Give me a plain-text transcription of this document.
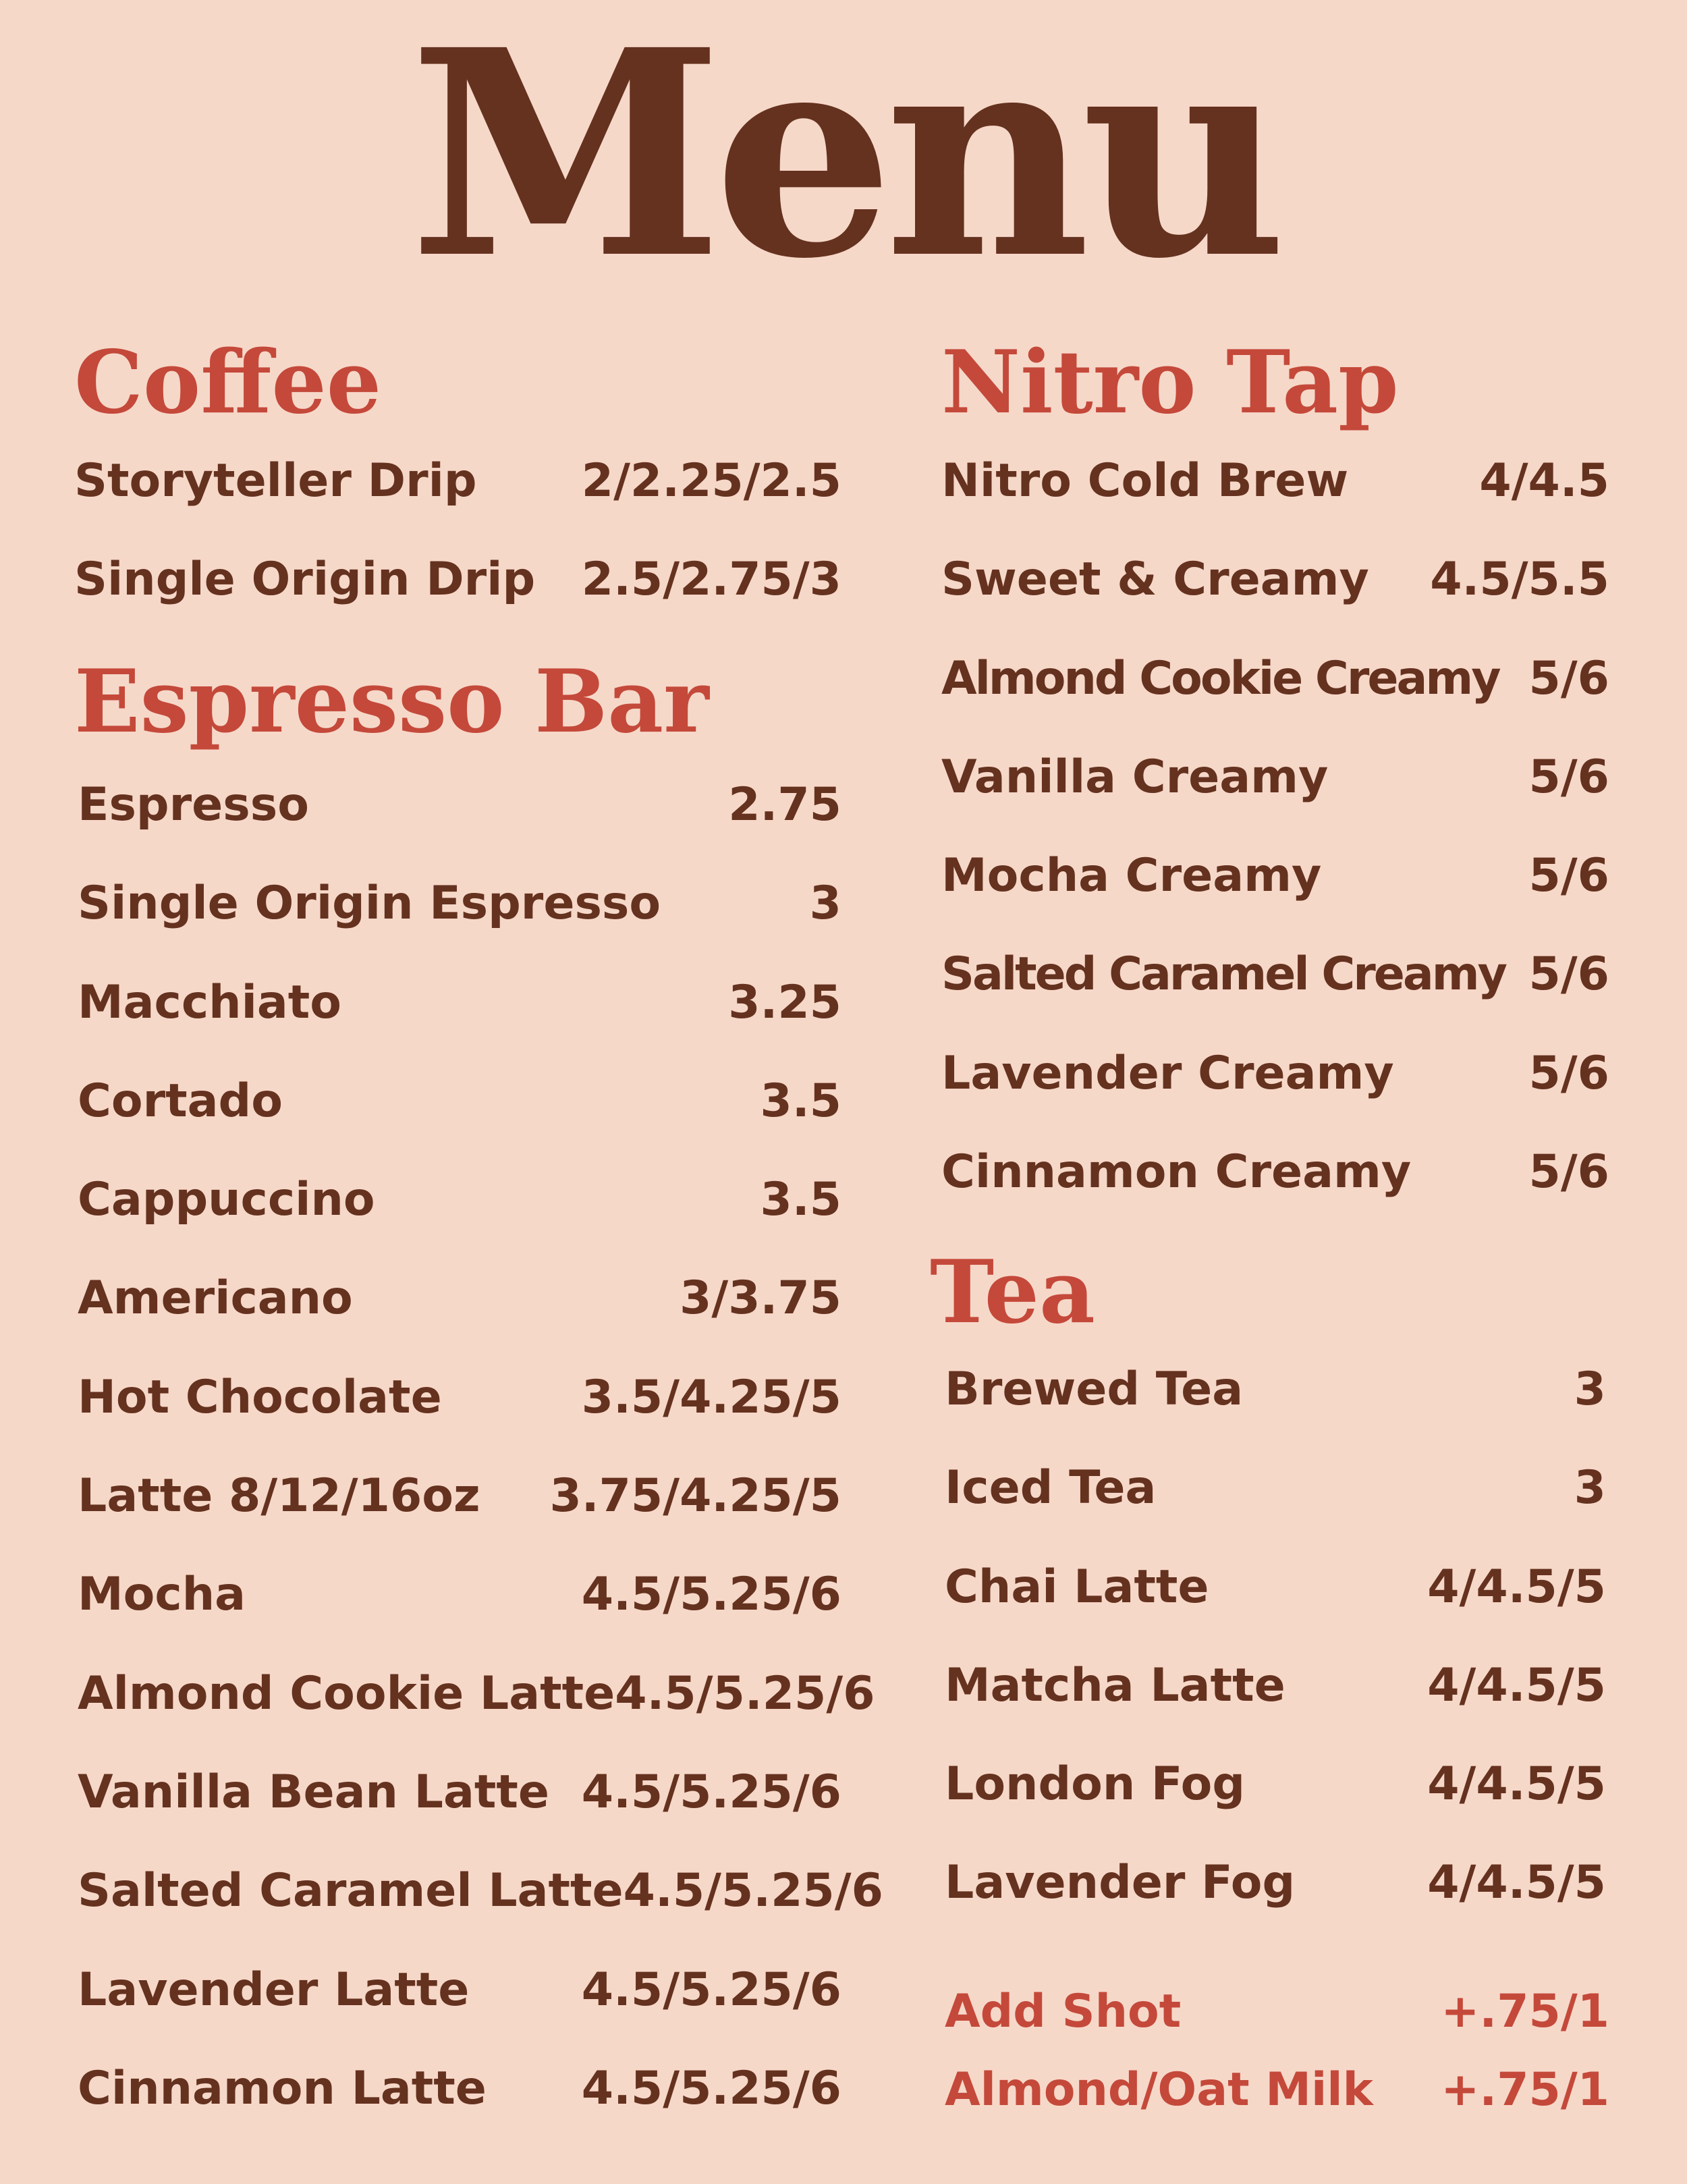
Menu
Coffee
Storyteller Drip 2/2.25/2.5
Single Origin Drip 2.5/2.75/3
Espresso Bar
Espresso	2.75
Single Origin Espresso	3
Macchiato	3.25
Cortado	3.5
Cappuccino	3.5
Americano	3/3.75
Hot Chocolate	3.5/4.25/5
Latte 8/12/16oz 3.75/4.25/5
Mocha	4.5/5.25/6
Almond Cookie Latte 4.5/5.25/6
Vanilla Bean Latte 4.5/5.25/6
Salted Caramel Latte 4.5/5.25/6
Lavender Latte 4.5/5.25/6
Cinnamon Latte 4.5/5.25/6
Nitro Tap
Nitro Cold Brew	4/4.5
Sweet & Creamy 4.5/5.5
Almond Cookie Creamy 5/6
Vanilla Creamy	5/6
Mocha Creamy	5/6
Salted Caramel Creamy 5/6
Lavender Creamy	5/6
Cinnamon Creamy	5/6
Tea
Brewed Tea	3
Iced Tea	3
Chai Latte	4/4.5/5
Matcha Latte	4/4.5/5
London Fog	4/4.5/5
Lavender Fog	4/4.5/5
Add Shot	+.75/1
Almond/Oat Milk +.75/1
